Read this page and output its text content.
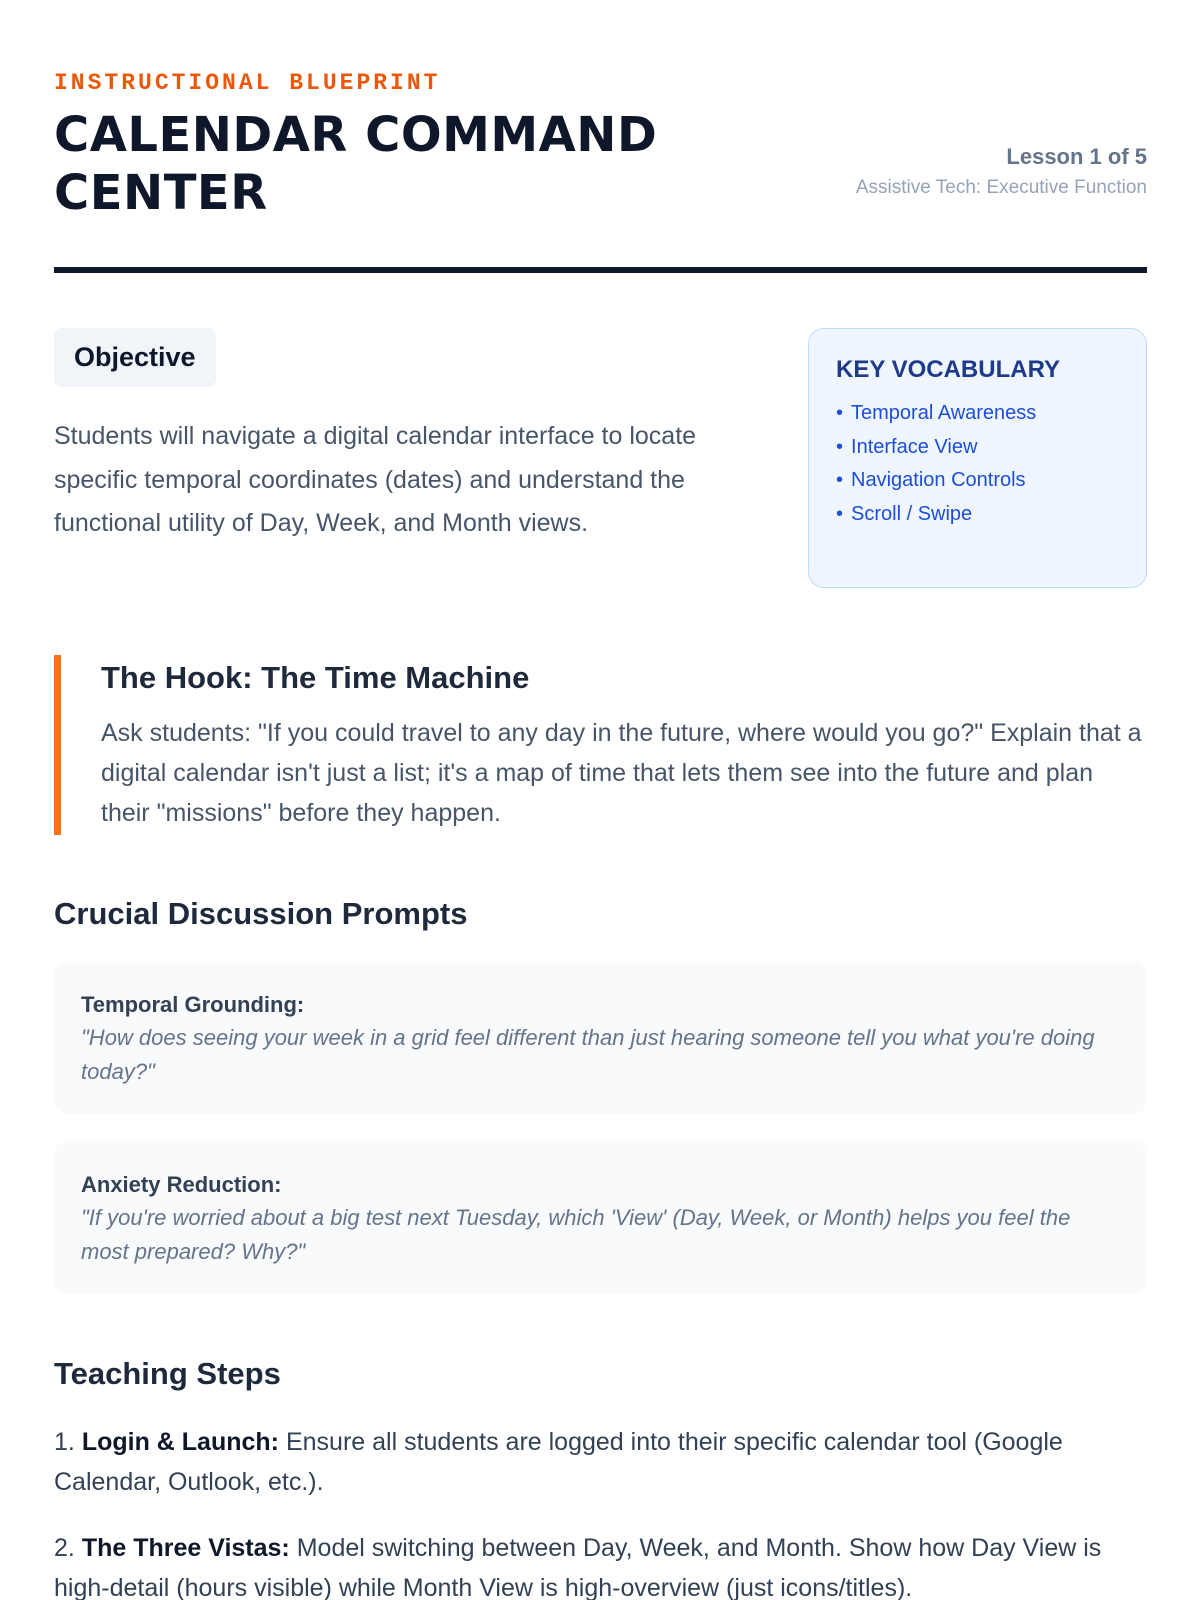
INSTRUCTIONAL BLUEPRINT
CALENDAR COMMAND CENTER
Lesson 1 of 5
Assistive Tech: Executive Function
Objective

Students will navigate a digital calendar interface to locate specific temporal coordinates (dates) and understand the functional utility of Day, Week, and Month views.

KEY VOCABULARY
• Temporal Awareness
• Interface View
• Navigation Controls
• Scroll / Swipe
The Hook: The Time Machine

Ask students: "If you could travel to any day in the future, where would you go?" Explain that a digital calendar isn't just a list; it's a map of time that lets them see into the future and plan their "missions" before they happen.

Crucial Discussion Prompts
Temporal Grounding:
"How does seeing your week in a grid feel different than just hearing someone tell you what you're doing today?"
Anxiety Reduction:
"If you're worried about a big test next Tuesday, which 'View' (Day, Week, or Month) helps you feel the most prepared? Why?"
Teaching Steps

1. Login & Launch: Ensure all students are logged into their specific calendar tool (Google Calendar, Outlook, etc.).

2. The Three Vistas: Model switching between Day, Week, and Month. Show how Day View is high-detail (hours visible) while Month View is high-overview (just icons/titles).
